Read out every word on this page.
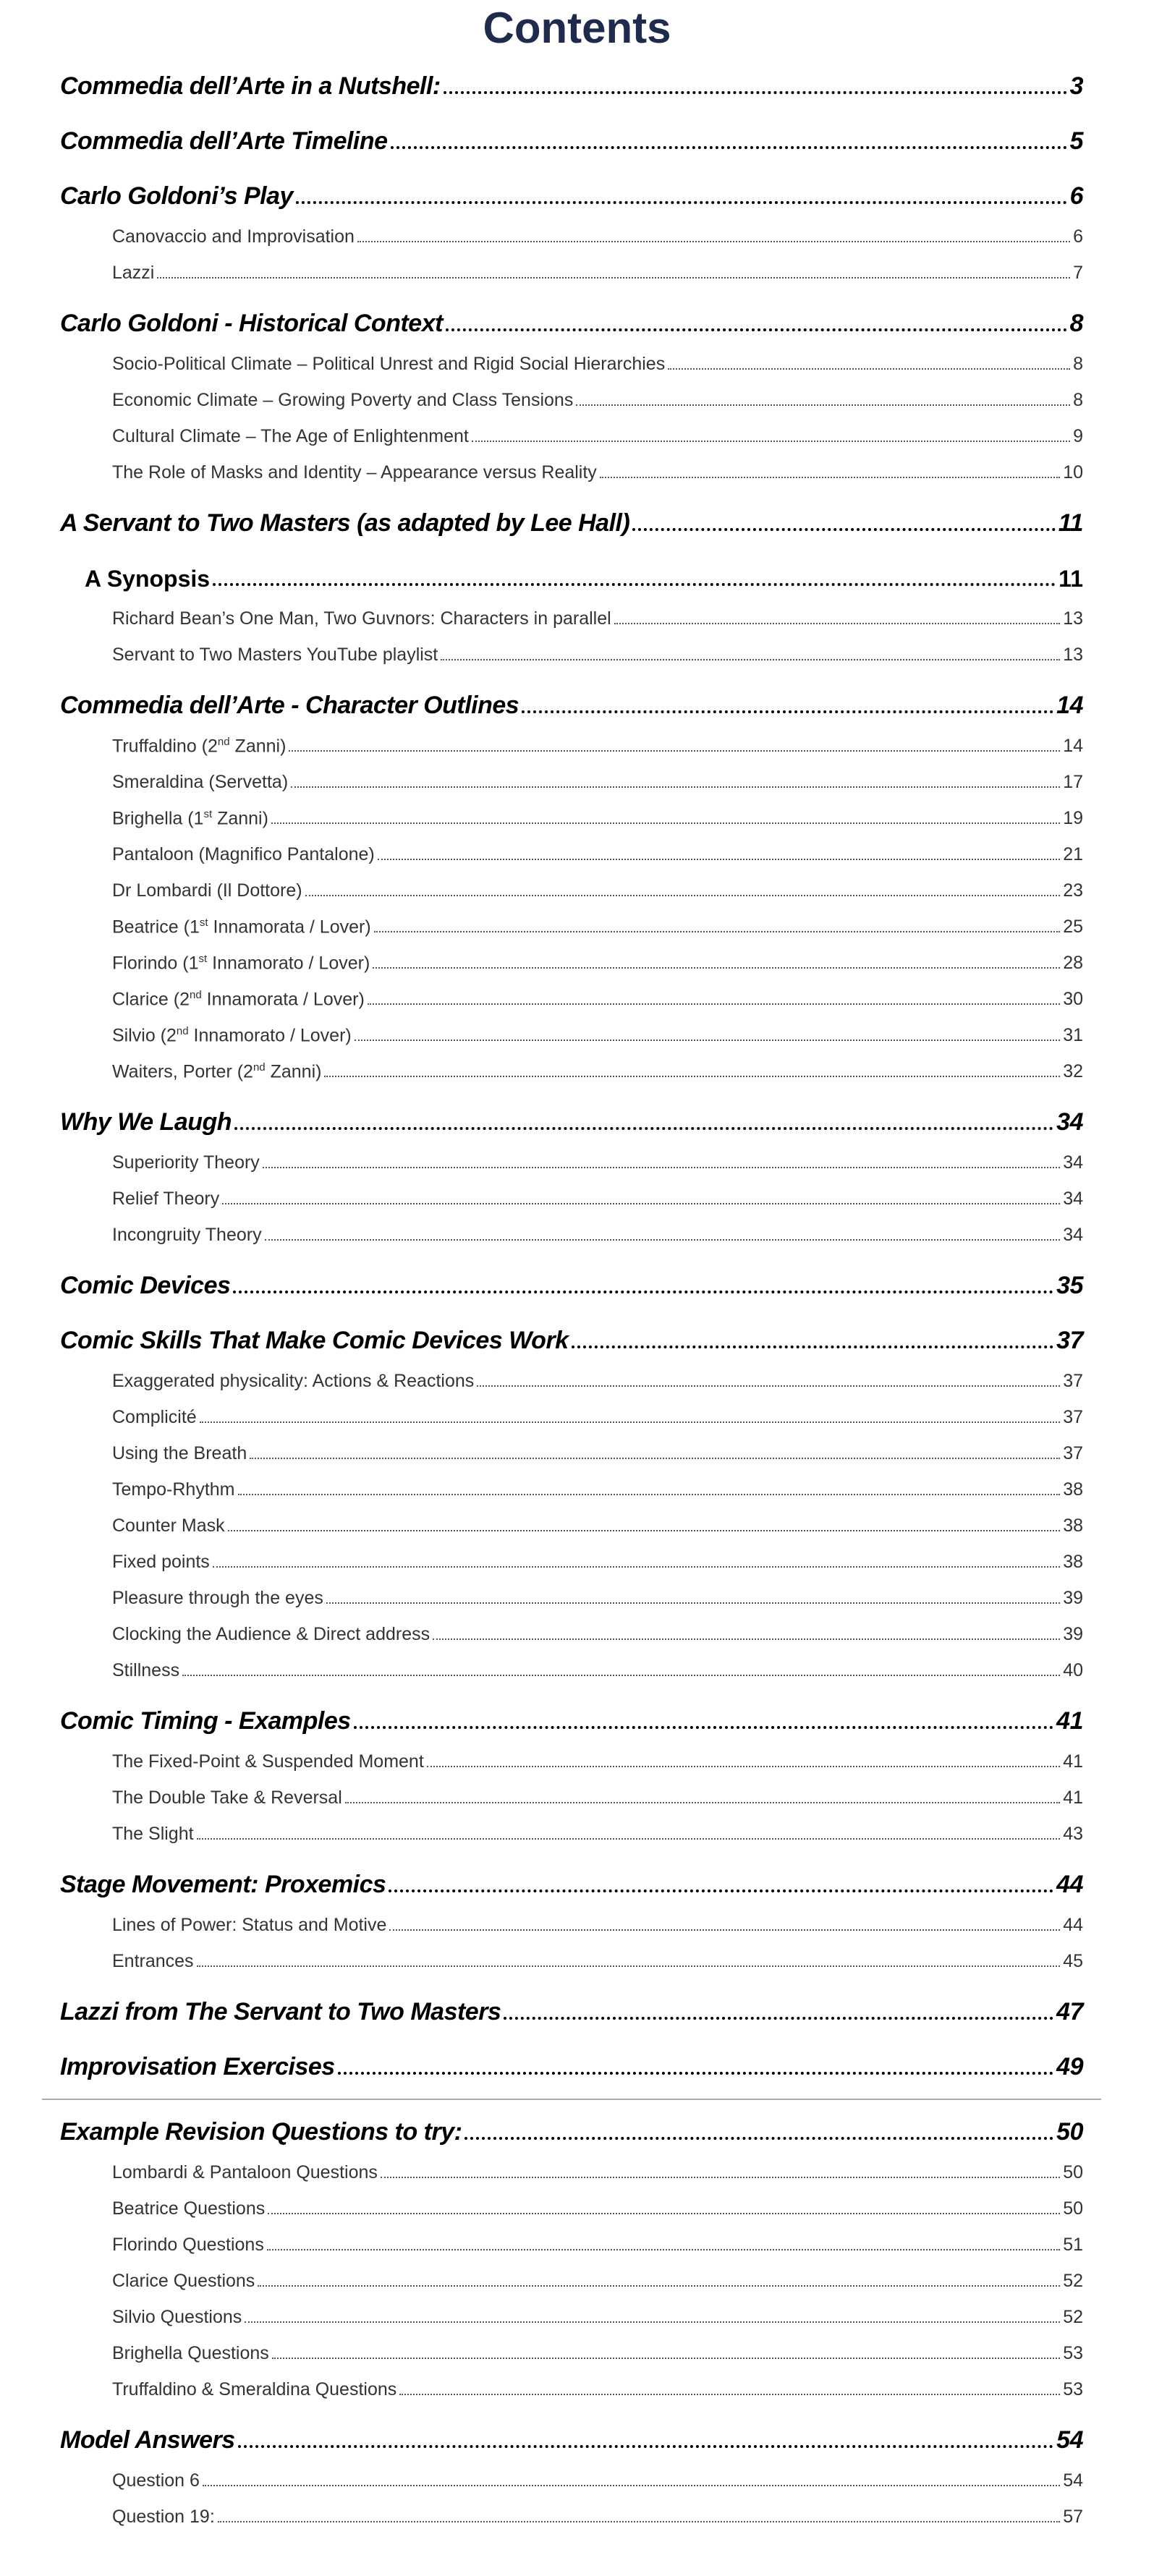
Contents
Commedia dell’Arte in a Nutshell:	3
Commedia dell’Arte Timeline	5
Carlo Goldoni’s Play	6
Canovaccio and Improvisation	6
Lazzi	7
Carlo Goldoni - Historical Context	8
Socio-Political Climate – Political Unrest and Rigid Social Hierarchies	8
Economic Climate – Growing Poverty and Class Tensions	8
Cultural Climate – The Age of Enlightenment	9
The Role of Masks and Identity – Appearance versus Reality	10
A Servant to Two Masters (as adapted by Lee Hall)	11
A Synopsis	11
Richard Bean’s One Man, Two Guvnors: Characters in parallel	13
Servant to Two Masters YouTube playlist	13
Commedia dell’Arte - Character Outlines	14
Truffaldino (2nd Zanni)	14
Smeraldina (Servetta)	17
Brighella (1st Zanni)	19
Pantaloon (Magnifico Pantalone)	21
Dr Lombardi (Il Dottore)	23
Beatrice (1st Innamorata / Lover)	25
Florindo (1st Innamorato / Lover)	28
Clarice (2nd Innamorata / Lover)	30
Silvio (2nd Innamorato / Lover)	31
Waiters, Porter (2nd Zanni)	32
Why We Laugh	34
Superiority Theory	34
Relief Theory	34
Incongruity Theory	34
Comic Devices	35
Comic Skills That Make Comic Devices Work	37
Exaggerated physicality: Actions & Reactions	37
Complicité	37
Using the Breath	37
Tempo-Rhythm	38
Counter Mask	38
Fixed points	38
Pleasure through the eyes	39
Clocking the Audience & Direct address	39
Stillness	40
Comic Timing - Examples	41
The Fixed-Point & Suspended Moment	41
The Double Take & Reversal	41
The Slight	43
Stage Movement: Proxemics	44
Lines of Power: Status and Motive	44
Entrances	45
Lazzi from The Servant to Two Masters	47
Improvisation Exercises	49
Example Revision Questions to try:	50
Lombardi & Pantaloon Questions	50
Beatrice Questions	50
Florindo Questions	51
Clarice Questions	52
Silvio Questions	52
Brighella Questions	53
Truffaldino & Smeraldina Questions	53
Model Answers	54
Question 6	54
Question 19:	57
